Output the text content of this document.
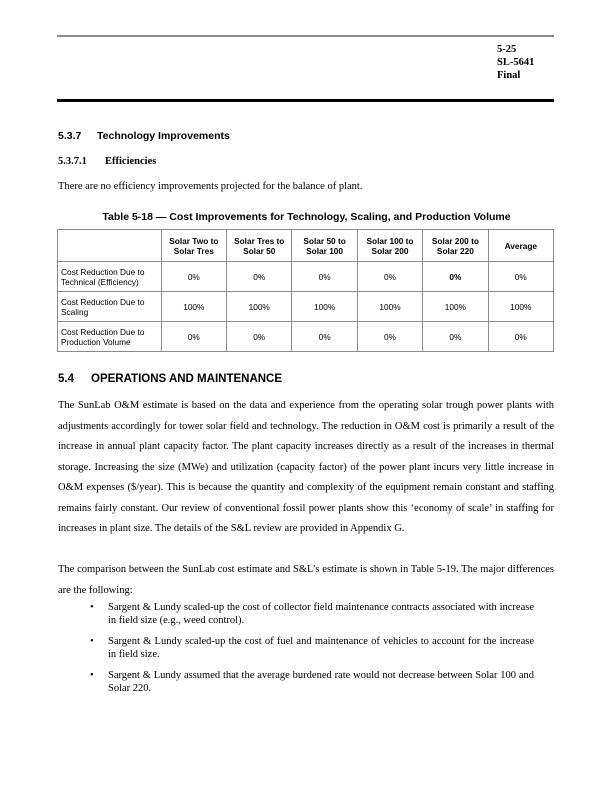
5-25
SL-5641
Final
5.3.7 Technology Improvements
5.3.7.1 Efficiencies
There are no efficiency improvements projected for the balance of plant.
Table 5-18 — Cost Improvements for Technology, Scaling, and Production Volume
	Solar Two to Solar Tres	Solar Tres to Solar 50	Solar 50 to Solar 100	Solar 100 to Solar 200	Solar 200 to Solar 220	Average
Cost Reduction Due to Technical (Efficiency)	0%	0%	0%	0%	0%	0%
Cost Reduction Due to Scaling	100%	100%	100%	100%	100%	100%
Cost Reduction Due to Production Volume	0%	0%	0%	0%	0%	0%
5.4 OPERATIONS AND MAINTENANCE
The SunLab O&M estimate is based on the data and experience from the operating solar trough power plants with adjustments accordingly for tower solar field and technology. The reduction in O&M cost is primarily a result of the increase in annual plant capacity factor. The plant capacity increases directly as a result of the increases in thermal storage. Increasing the size (MWe) and utilization (capacity factor) of the power plant incurs very little increase in O&M expenses ($/year). This is because the quantity and complexity of the equipment remain constant and staffing remains fairly constant. Our review of conventional fossil power plants show this ‘economy of scale’ in staffing for increases in plant size. The details of the S&L review are provided in Appendix G.
The comparison between the SunLab cost estimate and S&L’s estimate is shown in Table 5-19. The major differences are the following:
• Sargent & Lundy scaled-up the cost of collector field maintenance contracts associated with increase in field size (e.g., weed control).
• Sargent & Lundy scaled-up the cost of fuel and maintenance of vehicles to account for the increase in field size.
• Sargent & Lundy assumed that the average burdened rate would not decrease between Solar 100 and Solar 220.
